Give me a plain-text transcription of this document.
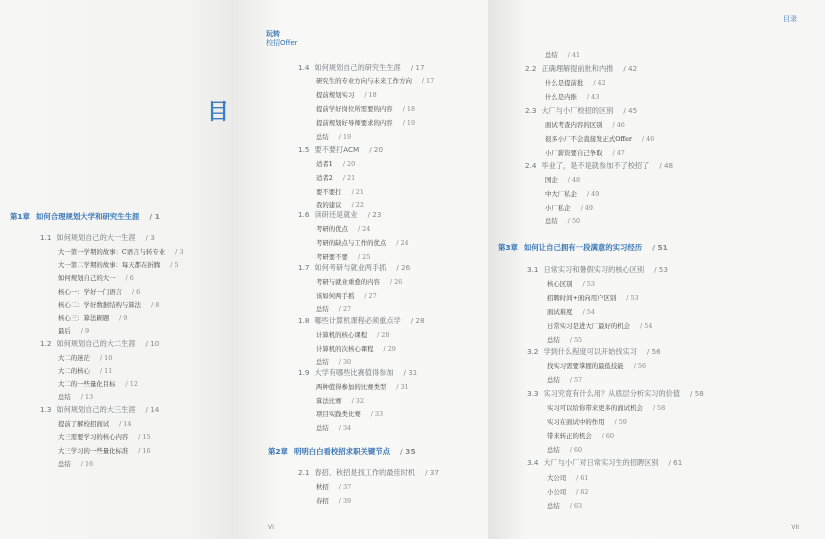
目
玩转
校招Offer
VI
目录
VII
第1章 如何合理规划大学和研究生生涯 / 1
1.1 如何规划自己的大一生涯 / 3
大一第一学期的故事：C语言与转专业 / 3
大一第二学期的故事：每天都在折腾 / 5
如何规划自己的大一 / 6
核心一：学好一门语言 / 6
核心二：学好数据结构与算法 / 8
核心三：算法刷题 / 9
最后 / 9
1.2 如何规划自己的大二生涯 / 10
大二的迷茫 / 10
大二的核心 / 11
大二的一些量化目标 / 12
总结 / 13
1.3 如何规划自己的大三生涯 / 14
提前了解校招面试 / 14
大三需要学习的核心内容 / 15
大三学习的一些量化标准 / 16
总结 / 16
1.4 如何规划自己的研究生生涯 / 17
研究生的专业方向与未来工作方向 / 17
提前规划实习 / 18
提前学好岗位所需要的内容 / 18
提前规划好导师要求的内容 / 19
总结 / 19
1.5 要不要打ACM / 20
适者1 / 20
适者2 / 21
要不要打 / 21
我的建议 / 22
1.6 读研还是就业 / 23
考研的优点 / 24
考研的缺点与工作的优点 / 24
考研要不要 / 25
1.7 如何考研与就业两手抓 / 26
考研与就业重叠的内容 / 26
该如何两手抓 / 27
总结 / 27
1.8 哪些计算机课程必须重点学 / 28
计算机的核心课程 / 28
计算机的次核心课程 / 29
总结 / 30
1.9 大学有哪些比赛值得参加 / 31
两种值得参加的比赛类型 / 31
算法比赛 / 32
项目实践类比赛 / 33
总结 / 34
第2章 明明白白看校招求职关键节点 / 35
2.1 春招、秋招是找工作的最佳时机 / 37
秋招 / 37
春招 / 39
总结 / 41
2.2 正确理解提前批和内推 / 42
什么是提前批 / 42
什么是内推 / 43
2.3 大厂与小厂校招的区别 / 45
面试考查内容的区别 / 46
很多小厂不会直接发正式Offer / 46
小厂薪资要自己争取 / 47
2.4 毕业了，是不是就参加不了校招了 / 48
国企 / 48
中大厂私企 / 49
小厂私企 / 49
总结 / 50
第3章 如何让自己拥有一段满意的实习经历 / 51
3.1 日常实习和暑假实习的核心区别 / 53
核心区别 / 53
招聘时间+面向用户区别 / 53
面试难度 / 54
日常实习是进大厂最好的机会 / 54
总结 / 55
3.2 学到什么程度可以开始找实习 / 56
找实习需要掌握的最低技能 / 56
总结 / 57
3.3 实习究竟有什么用？从底层分析实习的价值 / 58
实习可以给你带来更多的面试机会 / 58
实习在面试中的作用 / 59
带来转正的机会 / 60
总结 / 60
3.4 大厂与小厂对日常实习生的招聘区别 / 61
大公司 / 61
小公司 / 62
总结 / 63
